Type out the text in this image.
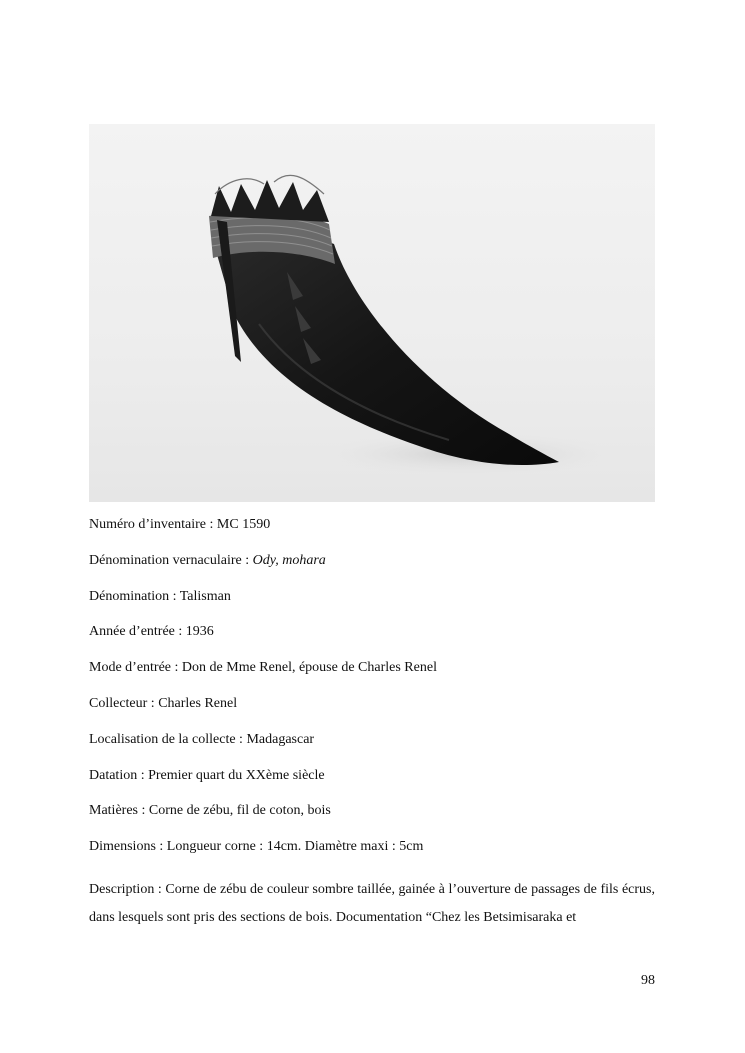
Numéro d’inventaire : MC 1590

Dénomination vernaculaire : Ody, mohara

Dénomination : Talisman

Année d’entrée : 1936

Mode d’entrée : Don de Mme Renel, épouse de Charles Renel

Collecteur : Charles Renel

Localisation de la collecte : Madagascar

Datation : Premier quart du XXème siècle

Matières : Corne de zébu, fil de coton, bois

Dimensions : Longueur corne : 14cm. Diamètre maxi : 5cm

Description : Corne de zébu de couleur sombre taillée, gainée à l’ouverture de passages de fils écrus, dans lesquels sont pris des sections de bois. Documentation “Chez les Betsimisaraka et

98
